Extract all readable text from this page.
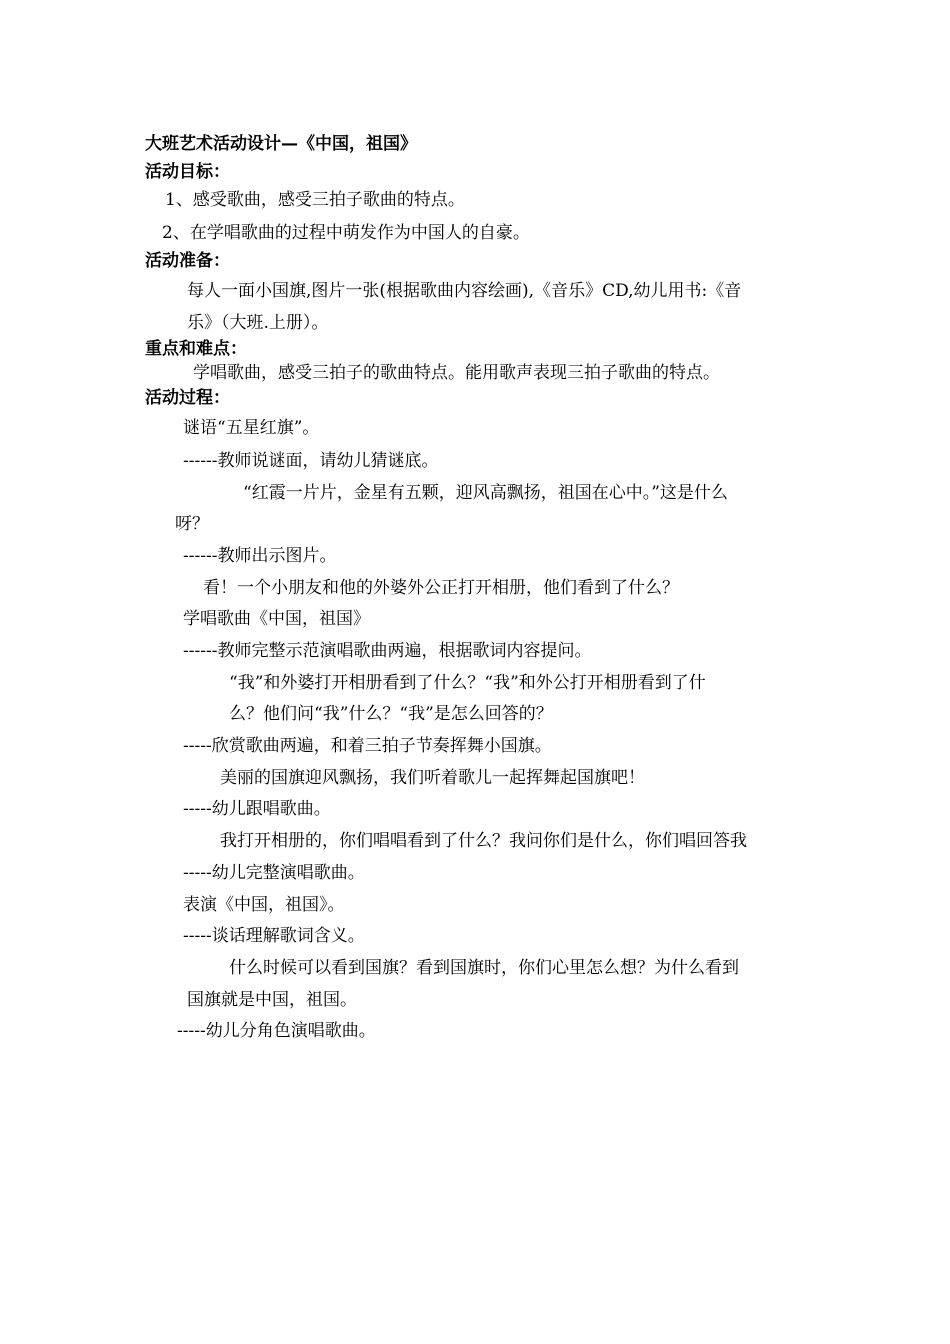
大班艺术活动设计—《中国，祖国》
活动目标：
1、感受歌曲，感受三拍子歌曲的特点。
2、在学唱歌曲的过程中萌发作为中国人的自豪。
活动准备：
每人一面小国旗,图片一张(根据歌曲内容绘画),《音乐》CD,幼儿用书:《音
乐》（大班.上册）。
重点和难点：
学唱歌曲，感受三拍子的歌曲特点。能用歌声表现三拍子歌曲的特点。
活动过程：
谜语“五星红旗”。
------教师说谜面，请幼儿猜谜底。
“红霞一片片，金星有五颗，迎风高飘扬，祖国在心中。”这是什么
呀？
------教师出示图片。
看！一个小朋友和他的外婆外公正打开相册，他们看到了什么？
学唱歌曲《中国，祖国》
------教师完整示范演唱歌曲两遍，根据歌词内容提问。
“我”和外婆打开相册看到了什么？“我”和外公打开相册看到了什
么？他们问“我”什么？“我”是怎么回答的？
-----欣赏歌曲两遍，和着三拍子节奏挥舞小国旗。
美丽的国旗迎风飘扬，我们听着歌儿一起挥舞起国旗吧！
-----幼儿跟唱歌曲。
我打开相册的，你们唱唱看到了什么？我问你们是什么，你们唱回答我
-----幼儿完整演唱歌曲。
表演《中国，祖国》。
-----谈话理解歌词含义。
什么时候可以看到国旗？看到国旗时，你们心里怎么想？为什么看到
国旗就是中国，祖国。
-----幼儿分角色演唱歌曲。
